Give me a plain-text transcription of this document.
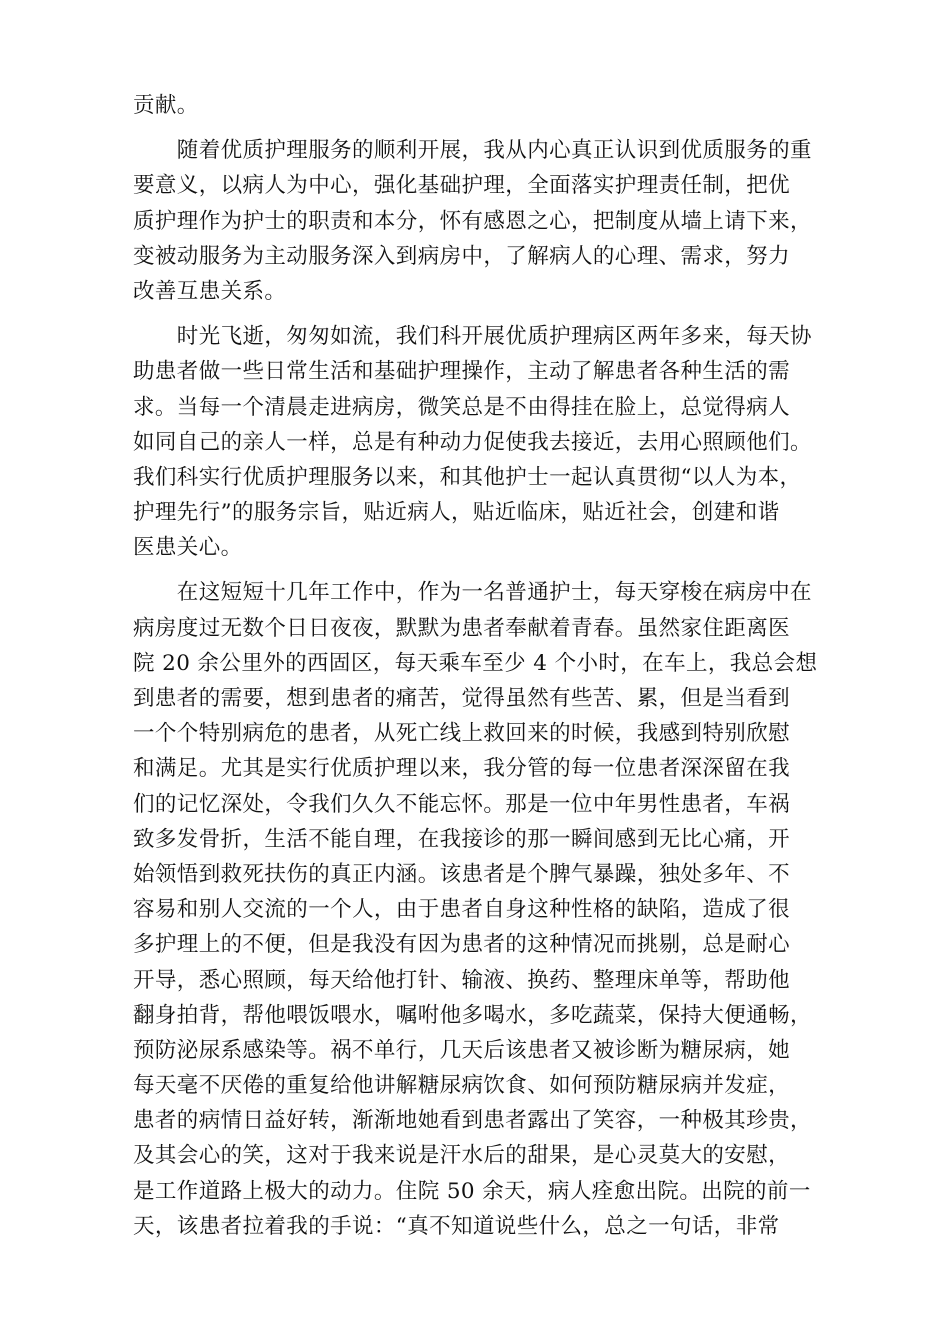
贡献。
　　随着优质护理服务的顺利开展，我从内心真正认识到优质服务的重
要意义，以病人为中心，强化基础护理，全面落实护理责任制，把优
质护理作为护士的职责和本分，怀有感恩之心，把制度从墙上请下来，
变被动服务为主动服务深入到病房中，了解病人的心理、需求，努力
改善互患关系。
　　时光飞逝，匆匆如流，我们科开展优质护理病区两年多来，每天协
助患者做一些日常生活和基础护理操作，主动了解患者各种生活的需
求。当每一个清晨走进病房，微笑总是不由得挂在脸上，总觉得病人
如同自己的亲人一样，总是有种动力促使我去接近，去用心照顾他们。
我们科实行优质护理服务以来，和其他护士一起认真贯彻“以人为本，
护理先行”的服务宗旨，贴近病人，贴近临床，贴近社会，创建和谐
医患关心。
　　在这短短十几年工作中，作为一名普通护士，每天穿梭在病房中在
病房度过无数个日日夜夜，默默为患者奉献着青春。虽然家住距离医
院 20 余公里外的西固区，每天乘车至少 4 个小时，在车上，我总会想
到患者的需要，想到患者的痛苦，觉得虽然有些苦、累，但是当看到
一个个特别病危的患者，从死亡线上救回来的时候，我感到特别欣慰
和满足。尤其是实行优质护理以来，我分管的每一位患者深深留在我
们的记忆深处，令我们久久不能忘怀。那是一位中年男性患者，车祸
致多发骨折，生活不能自理，在我接诊的那一瞬间感到无比心痛，开
始领悟到救死扶伤的真正内涵。该患者是个脾气暴躁，独处多年、不
容易和别人交流的一个人，由于患者自身这种性格的缺陷，造成了很
多护理上的不便，但是我没有因为患者的这种情况而挑剔，总是耐心
开导，悉心照顾，每天给他打针、输液、换药、整理床单等，帮助他
翻身拍背，帮他喂饭喂水，嘱咐他多喝水，多吃蔬菜，保持大便通畅，
预防泌尿系感染等。祸不单行，几天后该患者又被诊断为糖尿病，她
每天毫不厌倦的重复给他讲解糖尿病饮食、如何预防糖尿病并发症，
患者的病情日益好转，渐渐地她看到患者露出了笑容，一种极其珍贵，
及其会心的笑，这对于我来说是汗水后的甜果，是心灵莫大的安慰，
是工作道路上极大的动力。住院 50 余天，病人痊愈出院。出院的前一
天，该患者拉着我的手说：“真不知道说些什么，总之一句话，非常
